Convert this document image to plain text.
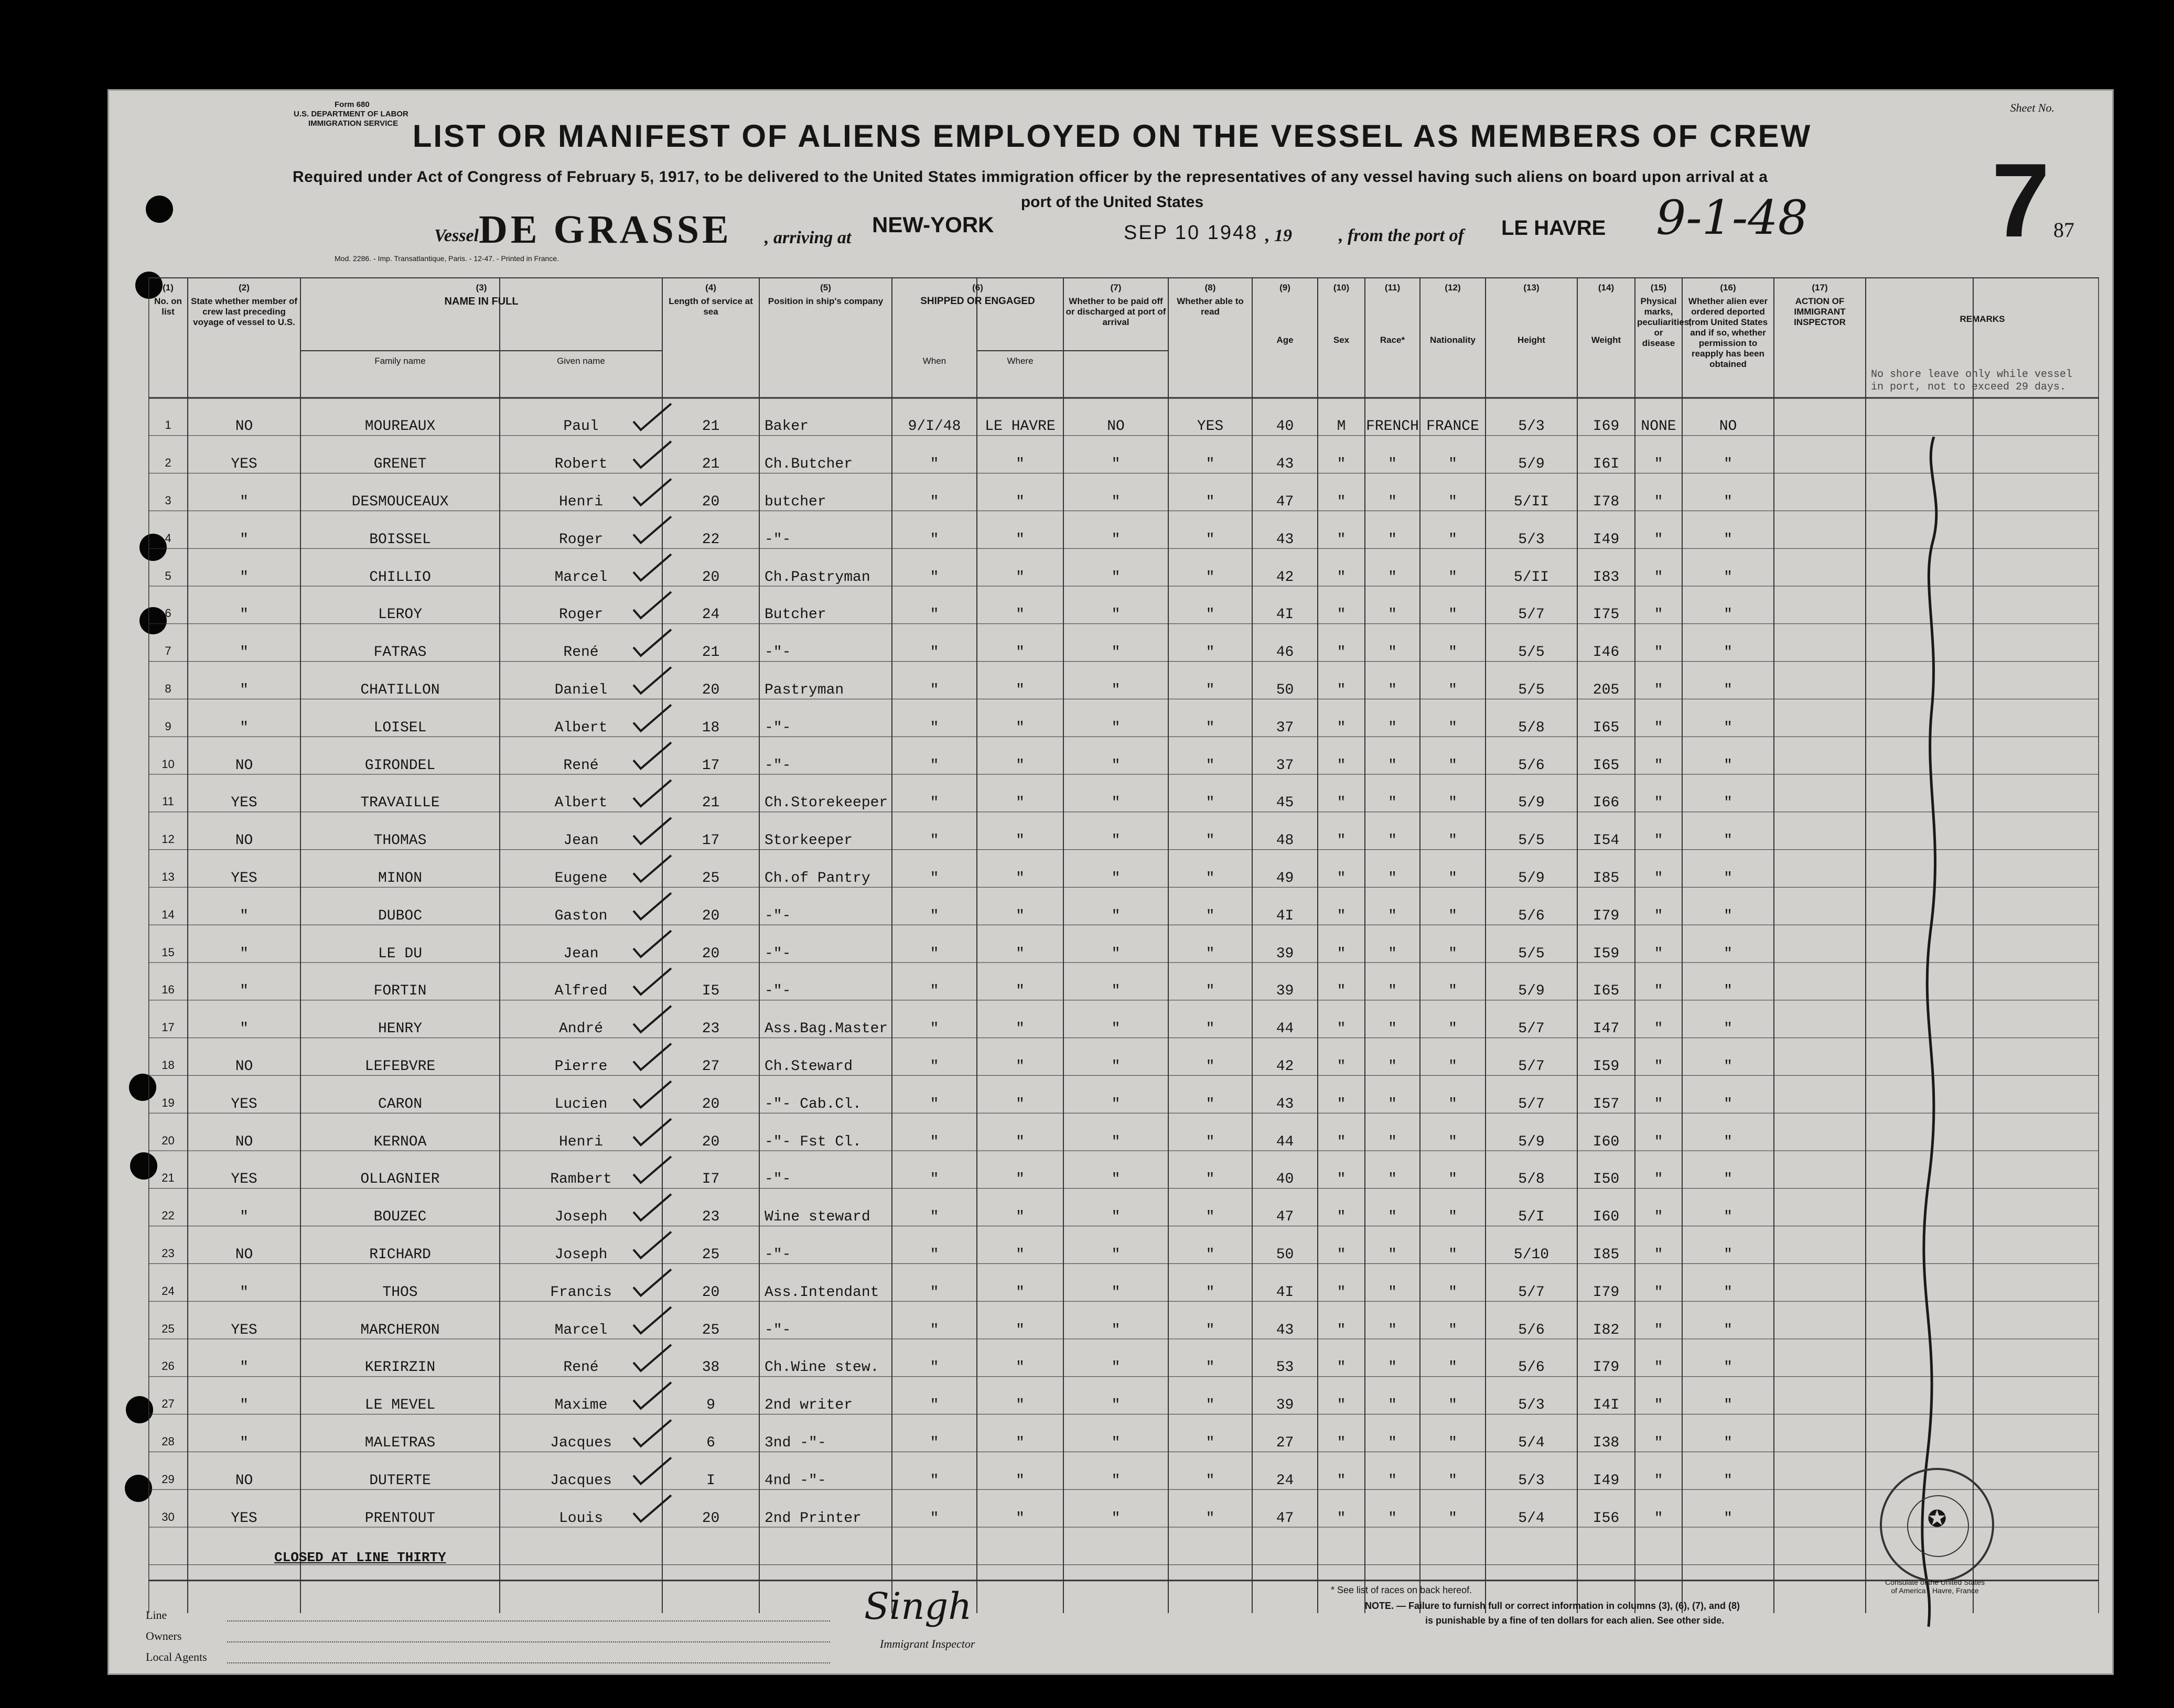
Form 680
U.S. DEPARTMENT OF LABOR
IMMIGRATION SERVICE
Sheet No.
LIST OR MANIFEST OF ALIENS EMPLOYED ON THE VESSEL AS MEMBERS OF CREW
Required under Act of Congress of February 5, 1917, to be delivered to the United States immigration officer by the representatives of any vessel having such aliens on board upon arrival at a
port of the United States
Vessel DE GRASSE , arriving at
NEW-YORK	SEP 10 1948 , 19	, from the port of LE HAVRE 9-1-48 7 87
Mod. 2286. - Imp. Transatlantique, Paris. - 12-47. - Printed in France.
(1)
No. on list
(2)
State whether member of crew last preceding voyage of vessel to U.S.
(3)
NAME IN FULL
Family name	Given name
(4)
Length of service at sea
(5)
Position in ship's company
(6)
SHIPPED OR ENGAGED
When	Where
(7)
Whether to be paid off or discharged at port of arrival
(8)
Whether able to read
(9)
Age
(10)
Sex
(11)
Race*
(12)
Nationality
(13)
Height
(14)
Weight
(15)
Physical marks, peculiarities, or disease
(16)
Whether alien ever ordered deported from United States and if so, whether permission to reapply has been obtained
(17)
ACTION OF IMMIGRANT INSPECTOR	REMARKS
1	NO	MOUREAUX	Paul	21	Baker	9/I/48	LE HAVRE	NO	YES	40	M	FRENCH FRANCE	5/3	I69	NONE	NO
2	YES	GRENET	Robert	21	Ch.Butcher	"	"	"	"	43	"	"	"	5/9	I6I	"	"
3	"	DESMOUCEAUX	Henri	20	butcher	"	"	"	"	47	"	"	"	5/II	I78	"	"
4	"	BOISSEL	Roger	22	-"-	"	"	"	"	43	"	"	"	5/3	I49	"	"
5	"	CHILLIO	Marcel	20	Ch.Pastryman	"	"	"	"	42	"	"	"	5/II	I83	"	"
6	"	LEROY	Roger	24	Butcher	"	"	"	"	4I	"	"	"	5/7	I75	"	"
7	"	FATRAS	René	21	-"-	"	"	"	"	46	"	"	"	5/5	I46	"	"
8	"	CHATILLON	Daniel	20	Pastryman	"	"	"	"	50	"	"	"	5/5	205	"	"
9	"	LOISEL	Albert	18	-"-	"	"	"	"	37	"	"	"	5/8	I65	"	"
10	NO	GIRONDEL	René	17	-"-	"	"	"	"	37	"	"	"	5/6	I65	"	"
11	YES	TRAVAILLE	Albert	21	Ch.Storekeeper	"	"	"	"	45	"	"	"	5/9	I66	"	"
12	NO	THOMAS	Jean	17	Storkeeper	"	"	"	"	48	"	"	"	5/5	I54	"	"
13	YES	MINON	Eugene	25	Ch.of Pantry	"	"	"	"	49	"	"	"	5/9	I85	"	"
14	"	DUBOC	Gaston	20	-"-	"	"	"	"	4I	"	"	"	5/6	I79	"	"
15	"	LE DU	Jean	20	-"-	"	"	"	"	39	"	"	"	5/5	I59	"	"
16	"	FORTIN	Alfred	I5	-"-	"	"	"	"	39	"	"	"	5/9	I65	"	"
17	"	HENRY	André	23	Ass.Bag.Master	"	"	"	"	44	"	"	"	5/7	I47	"	"
18	NO	LEFEBVRE	Pierre	27	Ch.Steward	"	"	"	"	42	"	"	"	5/7	I59	"	"
19	YES	CARON	Lucien	20	-"- Cab.Cl.	"	"	"	"	43	"	"	"	5/7	I57	"	"
20	NO	KERNOA	Henri	20	-"- Fst Cl.	"	"	"	"	44	"	"	"	5/9	I60	"	"
21	YES	OLLAGNIER	Rambert	I7	-"-	"	"	"	"	40	"	"	"	5/8	I50	"	"
22	"	BOUZEC	Joseph	23	Wine steward	"	"	"	"	47	"	"	"	5/I	I60	"	"
23	NO	RICHARD	Joseph	25	-"-	"	"	"	"	50	"	"	"	5/10	I85	"	"
24	"	THOS	Francis	20	Ass.Intendant	"	"	"	"	4I	"	"	"	5/7	I79	"	"
25	YES	MARCHERON	Marcel	25	-"-	"	"	"	"	43	"	"	"	5/6	I82	"	"
26	"	KERIRZIN	René	38	Ch.Wine stew.	"	"	"	"	53	"	"	"	5/6	I79	"	"
27	"	LE MEVEL	Maxime	9	2nd writer	"	"	"	"	39	"	"	"	5/3	I4I	"	"
28	"	MALETRAS	Jacques	6	3nd -"-	"	"	"	"	27	"	"	"	5/4	I38	"	"
29	NO	DUTERTE	Jacques	I	4nd -"-	"	"	"	"	24	"	"	"	5/3	I49	"	"
30	YES	PRENTOUT	Louis	20	2nd Printer	"	"	"	"	47	"	"	"	5/4	I56	"	"
No shore leave only while vessel in port, not to exceed 29 days.
CLOSED AT LINE THIRTY
Line
Owners
Local Agents
Singh
Immigrant Inspector
* See list of races on back hereof.
NOTE. — Failure to furnish full or correct information in columns (3), (6), (7), and (8)
is punishable by a fine of ten dollars for each alien. See other side.
✪
Consulate of the United States of America · Havre, France
